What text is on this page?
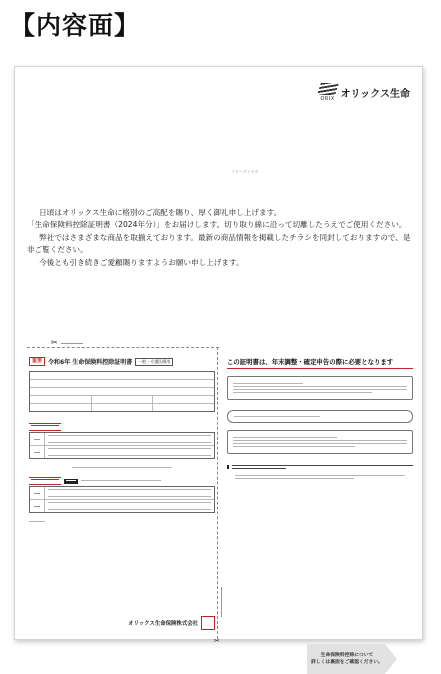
【内容面】
ORIX オリックス生命
フリーダイヤル

日頃はオリックス生命に格別のご高配を賜り、厚く御礼申し上げます。

「生命保険料控除証明書（2024年分）」をお届けします。切り取り線に沿って切離したうえでご使用ください。

弊社ではさまざまな商品を取揃えております。最新の商品情報を掲載したチラシを同封しておりますので、是非ご覧ください。

今後とも引き続きご愛顧賜りますようお願い申し上げます。

✂
✂
重要	令和6年 生命保険料控除証明書	一般・介護医療用
オリックス生命保険株式会社
この証明書は、年末調整・確定申告の際に必要となります
生命保険料控除について
詳しくは裏面をご確認ください。
